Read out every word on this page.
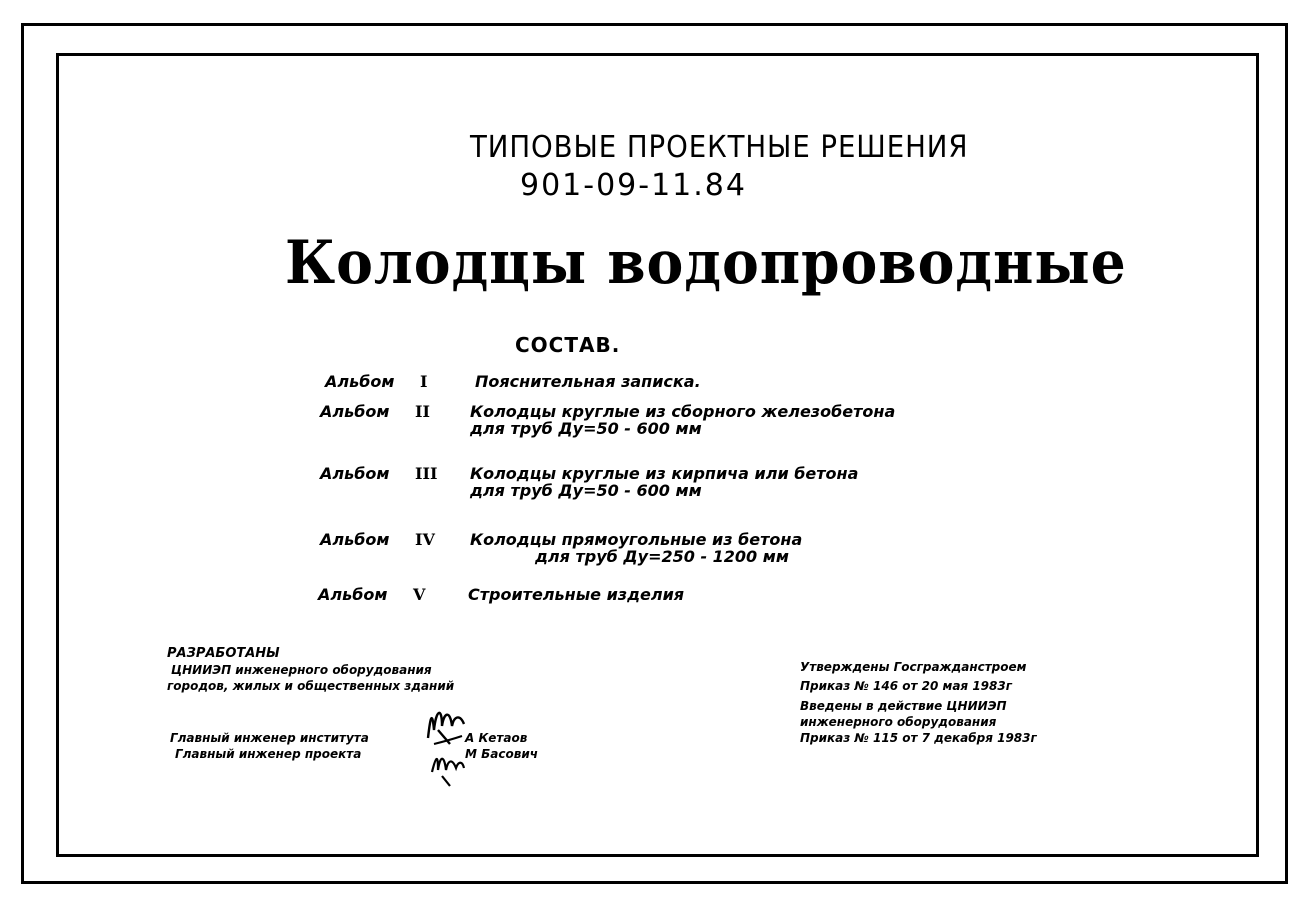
ТИПОВЫЕ ПРОЕКТНЫЕ РЕШЕНИЯ
901-09-11.84
Колодцы водопроводные
СОСТАВ.
Альбом I	Пояснительная записка.
Альбом II	Колодцы круглые из сборного железобетона
для труб Ду=50 - 600 мм
Альбом III Колодцы круглые из кирпича или бетона
для труб Ду=50 - 600 мм
Альбом IV Колодцы прямоугольные из бетона
для труб Ду=250 - 1200 мм
Альбом V	Строительные изделия
РАЗРАБОТАНЫ
ЦНИИЭП инженерного оборудования
городов, жилых и общественных зданий
Главный инженер института
Главный инженер проекта
А Кетаов
М Басович
Утверждены Госгражданстроем
Приказ № 146 от 20 мая 1983г
Введены в действие ЦНИИЭП
инженерного оборудования
Приказ № 115 от 7 декабря 1983г
